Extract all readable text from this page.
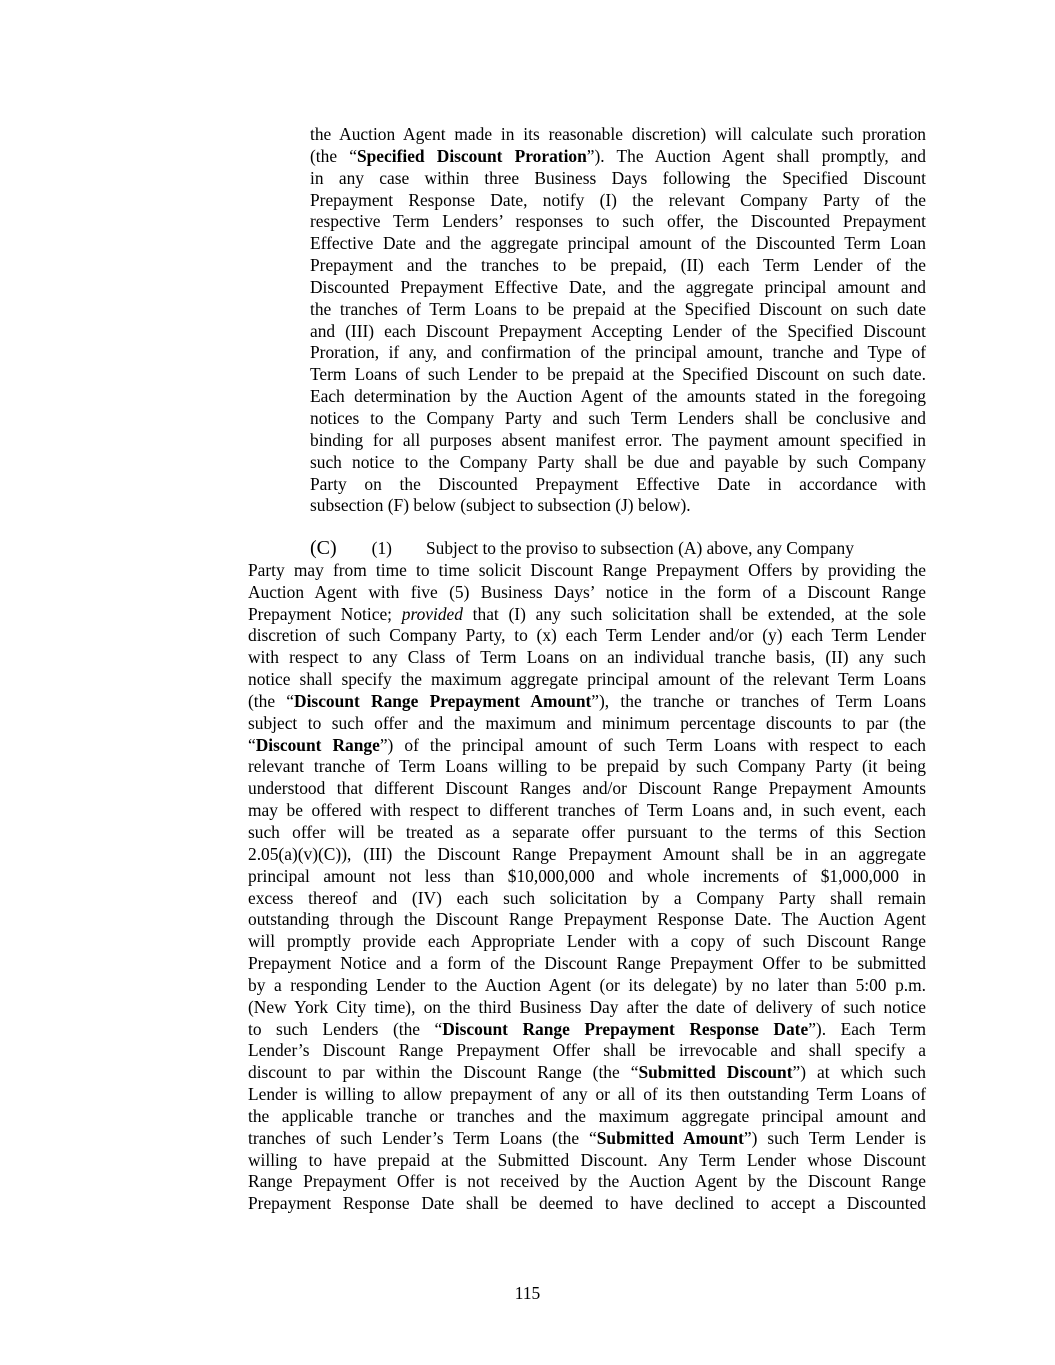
the Auction Agent made in its reasonable discretion) will calculate such proration
(the “Specified Discount Proration”). The Auction Agent shall promptly, and
in any case within three Business Days following the Specified Discount
Prepayment Response Date, notify (I) the relevant Company Party of the
respective Term Lenders’ responses to such offer, the Discounted Prepayment
Effective Date and the aggregate principal amount of the Discounted Term Loan
Prepayment and the tranches to be prepaid, (II) each Term Lender of the
Discounted Prepayment Effective Date, and the aggregate principal amount and
the tranches of Term Loans to be prepaid at the Specified Discount on such date
and (III) each Discount Prepayment Accepting Lender of the Specified Discount
Proration, if any, and confirmation of the principal amount, tranche and Type of
Term Loans of such Lender to be prepaid at the Specified Discount on such date.
Each determination by the Auction Agent of the amounts stated in the foregoing
notices to the Company Party and such Term Lenders shall be conclusive and
binding for all purposes absent manifest error. The payment amount specified in
such notice to the Company Party shall be due and payable by such Company
Party on the Discounted Prepayment Effective Date in accordance with
subsection (F) below (subject to subsection (J) below).
(C) (1) Subject to the proviso to subsection (A) above, any Company
Party may from time to time solicit Discount Range Prepayment Offers by providing the
Auction Agent with five (5) Business Days’ notice in the form of a Discount Range
Prepayment Notice; provided that (I) any such solicitation shall be extended, at the sole
discretion of such Company Party, to (x) each Term Lender and/or (y) each Term Lender
with respect to any Class of Term Loans on an individual tranche basis, (II) any such
notice shall specify the maximum aggregate principal amount of the relevant Term Loans
(the “Discount Range Prepayment Amount”), the tranche or tranches of Term Loans
subject to such offer and the maximum and minimum percentage discounts to par (the
“Discount Range”) of the principal amount of such Term Loans with respect to each
relevant tranche of Term Loans willing to be prepaid by such Company Party (it being
understood that different Discount Ranges and/or Discount Range Prepayment Amounts
may be offered with respect to different tranches of Term Loans and, in such event, each
such offer will be treated as a separate offer pursuant to the terms of this Section
2.05(a)(v)(C)), (III) the Discount Range Prepayment Amount shall be in an aggregate
principal amount not less than $10,000,000 and whole increments of $1,000,000 in
excess thereof and (IV) each such solicitation by a Company Party shall remain
outstanding through the Discount Range Prepayment Response Date. The Auction Agent
will promptly provide each Appropriate Lender with a copy of such Discount Range
Prepayment Notice and a form of the Discount Range Prepayment Offer to be submitted
by a responding Lender to the Auction Agent (or its delegate) by no later than 5:00 p.m.
(New York City time), on the third Business Day after the date of delivery of such notice
to such Lenders (the “Discount Range Prepayment Response Date”). Each Term
Lender’s Discount Range Prepayment Offer shall be irrevocable and shall specify a
discount to par within the Discount Range (the “Submitted Discount”) at which such
Lender is willing to allow prepayment of any or all of its then outstanding Term Loans of
the applicable tranche or tranches and the maximum aggregate principal amount and
tranches of such Lender’s Term Loans (the “Submitted Amount”) such Term Lender is
willing to have prepaid at the Submitted Discount. Any Term Lender whose Discount
Range Prepayment Offer is not received by the Auction Agent by the Discount Range
Prepayment Response Date shall be deemed to have declined to accept a Discounted
115
